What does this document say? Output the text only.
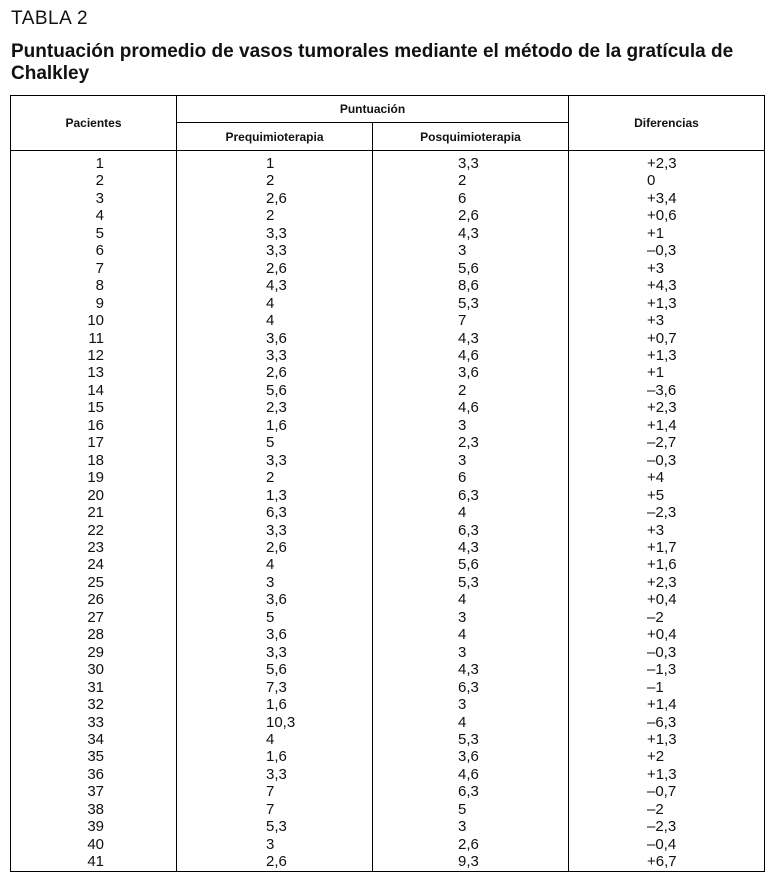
TABLA 2
Puntuación promedio de vasos tumorales mediante el método de la gratícula de Chalkley
Pacientes	Puntuación		Diferencias
	Prequimioterapia	Posquimioterapia	
1	1	3,3	+2,3
2	2	2	0
3	2,6	6	+3,4
4	2	2,6	+0,6
5	3,3	4,3	+1
6	3,3	3	–0,3
7	2,6	5,6	+3
8	4,3	8,6	+4,3
9	4	5,3	+1,3
10	4	7	+3
11	3,6	4,3	+0,7
12	3,3	4,6	+1,3
13	2,6	3,6	+1
14	5,6	2	–3,6
15	2,3	4,6	+2,3
16	1,6	3	+1,4
17	5	2,3	–2,7
18	3,3	3	–0,3
19	2	6	+4
20	1,3	6,3	+5
21	6,3	4	–2,3
22	3,3	6,3	+3
23	2,6	4,3	+1,7
24	4	5,6	+1,6
25	3	5,3	+2,3
26	3,6	4	+0,4
27	5	3	–2
28	3,6	4	+0,4
29	3,3	3	–0,3
30	5,6	4,3	–1,3
31	7,3	6,3	–1
32	1,6	3	+1,4
33	10,3	4	–6,3
34	4	5,3	+1,3
35	1,6	3,6	+2
36	3,3	4,6	+1,3
37	7	6,3	–0,7
38	7	5	–2
39	5,3	3	–2,3
40	3	2,6	–0,4
41	2,6	9,3	+6,7
